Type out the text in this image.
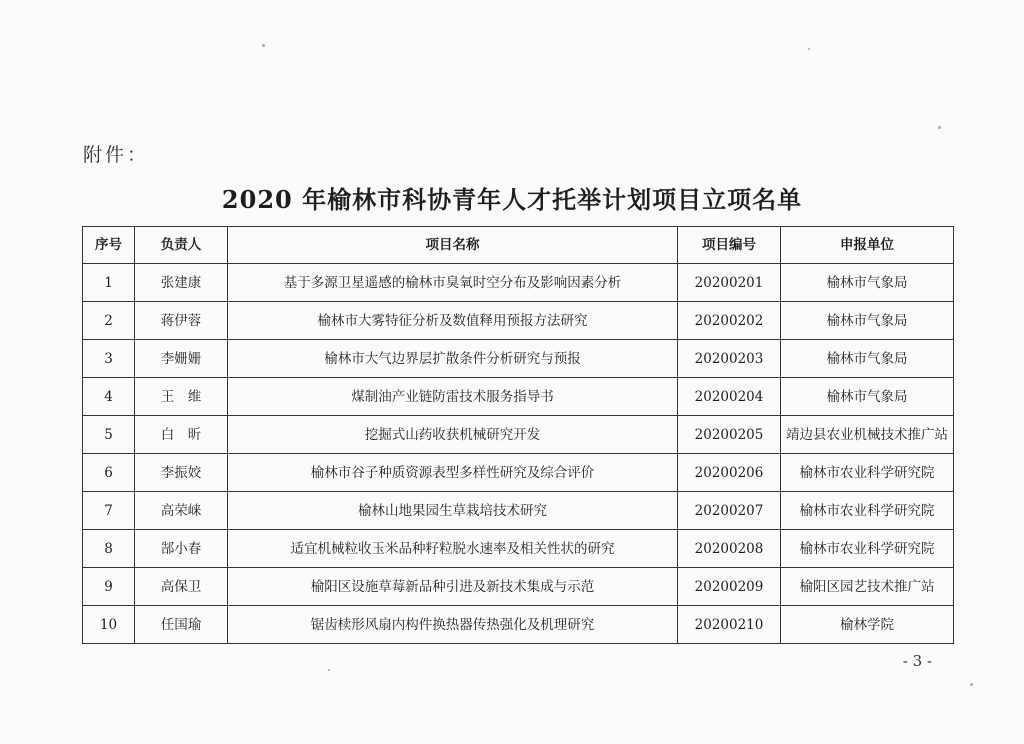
附件：
2020 年榆林市科协青年人才托举计划项目立项名单
序号	负责人	项目名称	项目编号	申报单位
1	张建康	基于多源卫星遥感的榆林市臭氧时空分布及影响因素分析	20200201	榆林市气象局
2	蒋伊蓉	榆林市大雾特征分析及数值释用预报方法研究	20200202	榆林市气象局
3	李姗姗	榆林市大气边界层扩散条件分析研究与预报	20200203	榆林市气象局
4	王　维	煤制油产业链防雷技术服务指导书	20200204	榆林市气象局
5	白　昕	挖掘式山药收获机械研究开发	20200205	靖边县农业机械技术推广站
6	李振姣	榆林市谷子种质资源表型多样性研究及综合评价	20200206	榆林市农业科学研究院
7	高荣崃	榆林山地果园生草栽培技术研究	20200207	榆林市农业科学研究院
8	郜小春	适宜机械粒收玉米品种籽粒脱水速率及相关性状的研究	20200208	榆林市农业科学研究院
9	高保卫	榆阳区设施草莓新品种引进及新技术集成与示范	20200209	榆阳区园艺技术推广站
10	任国瑜	锯齿椟形风扇内构件换热器传热强化及机理研究	20200210	榆林学院
- 3 -
